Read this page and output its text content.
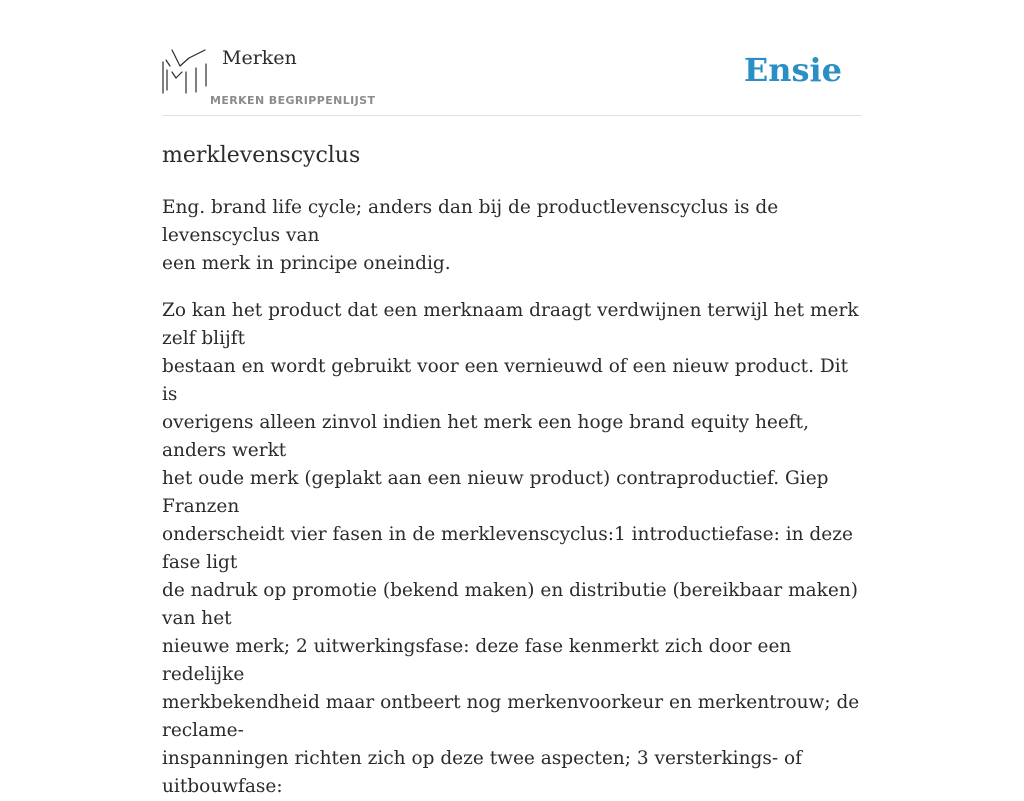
Merken
MERKEN BEGRIPPENLIJST
Ensie
merklevenscyclus

Eng. brand life cycle; anders dan bij de productlevenscyclus is de levenscyclus van
een merk in principe oneindig.

Zo kan het product dat een merknaam draagt verdwijnen terwijl het merk zelf blijft
bestaan en wordt gebruikt voor een vernieuwd of een nieuw product. Dit is
overigens alleen zinvol indien het merk een hoge brand equity heeft, anders werkt
het oude merk (geplakt aan een nieuw product) contraproductief. Giep Franzen
onderscheidt vier fasen in de merklevenscyclus:1 introductiefase: in deze fase ligt
de nadruk op promotie (bekend maken) en distributie (bereikbaar maken) van het
nieuwe merk; 2 uitwerkingsfase: deze fase kenmerkt zich door een redelijke
merkbekendheid maar ontbeert nog merkenvoorkeur en merkentrouw; de reclame-
inspanningen richten zich op deze twee aspecten; 3 versterkings- of uitbouwfase:
